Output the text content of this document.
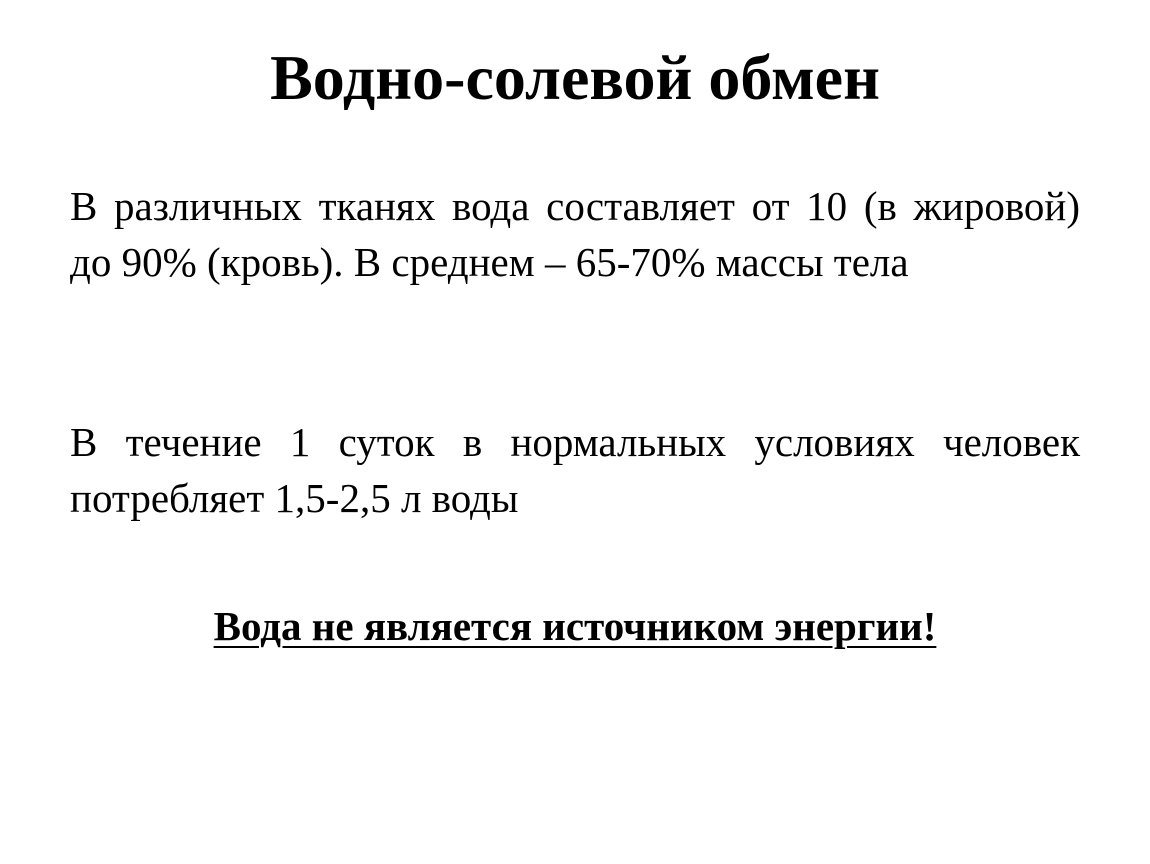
Водно-солевой обмен

В различных тканях вода составляет от 10 (в жировой) до 90% (кровь). В среднем – 65-70% массы тела

В течение 1 суток в нормальных условиях человек потребляет 1,5-2,5 л воды

Вода не является источником энергии!
